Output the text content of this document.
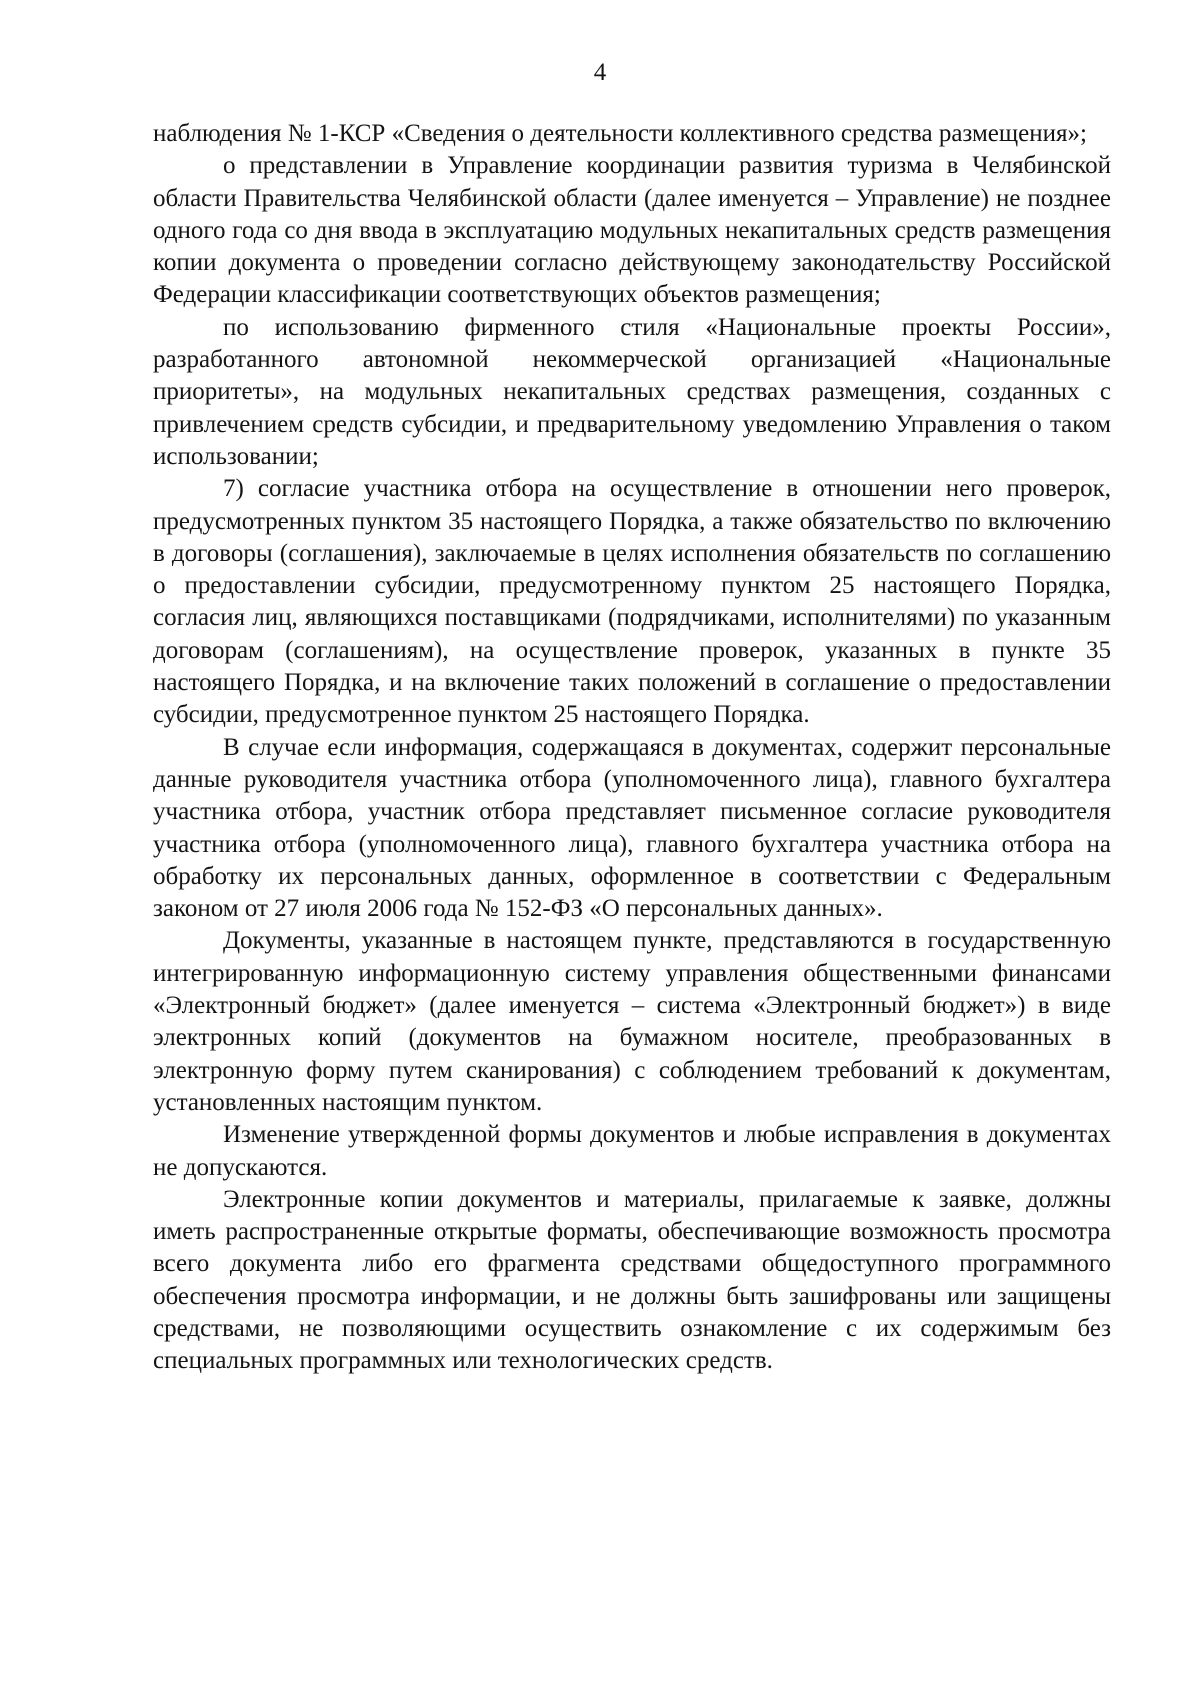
4

наблюдения № 1-КСР «Сведения о деятельности коллективного средства размещения»;

о представлении в Управление координации развития туризма в Челябинской области Правительства Челябинской области (далее именуется – Управление) не позднее одного года со дня ввода в эксплуатацию модульных некапитальных средств размещения копии документа о проведении согласно действующему законодательству Российской Федерации классификации соответствующих объектов размещения;

по использованию фирменного стиля «Национальные проекты России», разработанного автономной некоммерческой организацией «Национальные приоритеты», на модульных некапитальных средствах размещения, созданных с привлечением средств субсидии, и предварительному уведомлению Управления о таком использовании;

7) согласие участника отбора на осуществление в отношении него проверок, предусмотренных пунктом 35 настоящего Порядка, а также обязательство по включению в договоры (соглашения), заключаемые в целях исполнения обязательств по соглашению о предоставлении субсидии, предусмотренному пунктом 25 настоящего Порядка, согласия лиц, являющихся поставщиками (подрядчиками, исполнителями) по указанным договорам (соглашениям), на осуществление проверок, указанных в пункте 35 настоящего Порядка, и на включение таких положений в соглашение о предоставлении субсидии, предусмотренное пунктом 25 настоящего Порядка.

В случае если информация, содержащаяся в документах, содержит персональные данные руководителя участника отбора (уполномоченного лица), главного бухгалтера участника отбора, участник отбора представляет письменное согласие руководителя участника отбора (уполномоченного лица), главного бухгалтера участника отбора на обработку их персональных данных, оформленное в соответствии с Федеральным законом от 27 июля 2006 года № 152-ФЗ «О персональных данных».

Документы, указанные в настоящем пункте, представляются в государственную интегрированную информационную систему управления общественными финансами «Электронный бюджет» (далее именуется – система «Электронный бюджет») в виде электронных копий (документов на бумажном носителе, преобразованных в электронную форму путем сканирования) с соблюдением требований к документам, установленных настоящим пунктом.

Изменение утвержденной формы документов и любые исправления в документах не допускаются.

Электронные копии документов и материалы, прилагаемые к заявке, должны иметь распространенные открытые форматы, обеспечивающие возможность просмотра всего документа либо его фрагмента средствами общедоступного программного обеспечения просмотра информации, и не должны быть зашифрованы или защищены средствами, не позволяющими осуществить ознакомление с их содержимым без специальных программных или технологических средств.
